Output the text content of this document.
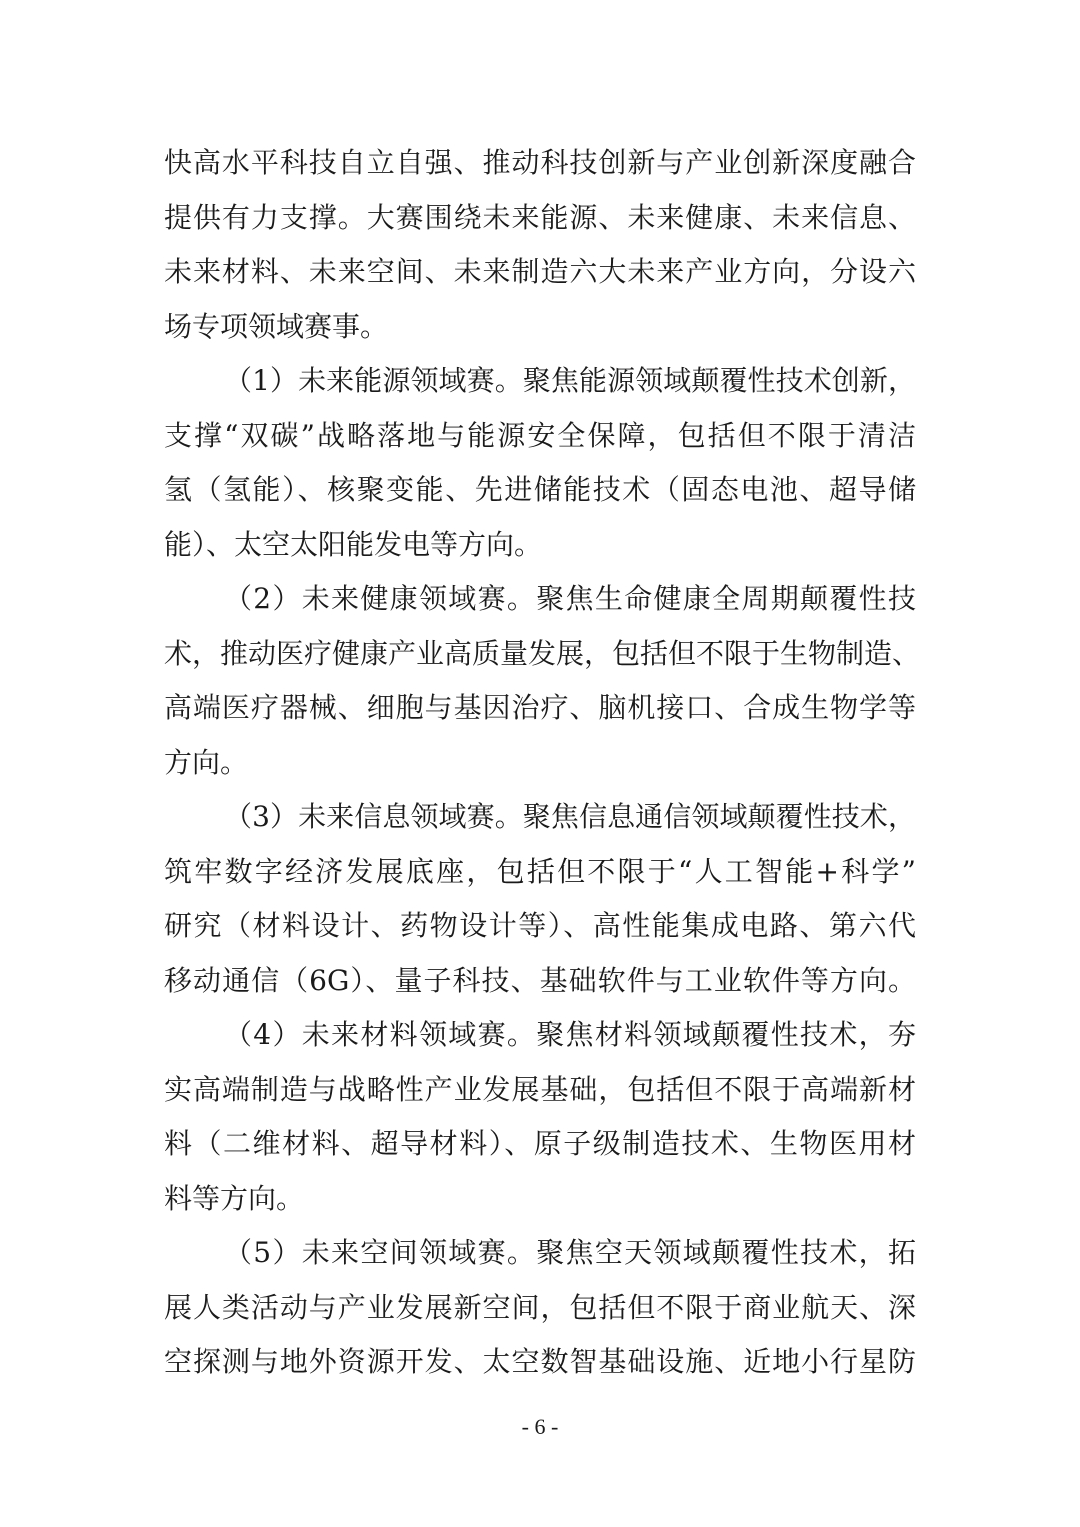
快高水平科技自立自强、推动科技创新与产业创新深度融合
提供有力支撑。大赛围绕未来能源、未来健康、未来信息、
未来材料、未来空间、未来制造六大未来产业方向，分设六
场专项领域赛事。
（1）未来能源领域赛。聚焦能源领域颠覆性技术创新，
支撑“双碳”战略落地与能源安全保障，包括但不限于清洁
氢（氢能）、核聚变能、先进储能技术（固态电池、超导储
能）、太空太阳能发电等方向。
（2）未来健康领域赛。聚焦生命健康全周期颠覆性技
术，推动医疗健康产业高质量发展，包括但不限于生物制造、
高端医疗器械、细胞与基因治疗、脑机接口、合成生物学等
方向。
（3）未来信息领域赛。聚焦信息通信领域颠覆性技术，
筑牢数字经济发展底座，包括但不限于“人工智能+科学”
研究（材料设计、药物设计等）、高性能集成电路、第六代
移动通信（6G）、量子科技、基础软件与工业软件等方向。
（4）未来材料领域赛。聚焦材料领域颠覆性技术，夯
实高端制造与战略性产业发展基础，包括但不限于高端新材
料（二维材料、超导材料）、原子级制造技术、生物医用材
料等方向。
（5）未来空间领域赛。聚焦空天领域颠覆性技术，拓
展人类活动与产业发展新空间，包括但不限于商业航天、深
空探测与地外资源开发、太空数智基础设施、近地小行星防
- 6 -
